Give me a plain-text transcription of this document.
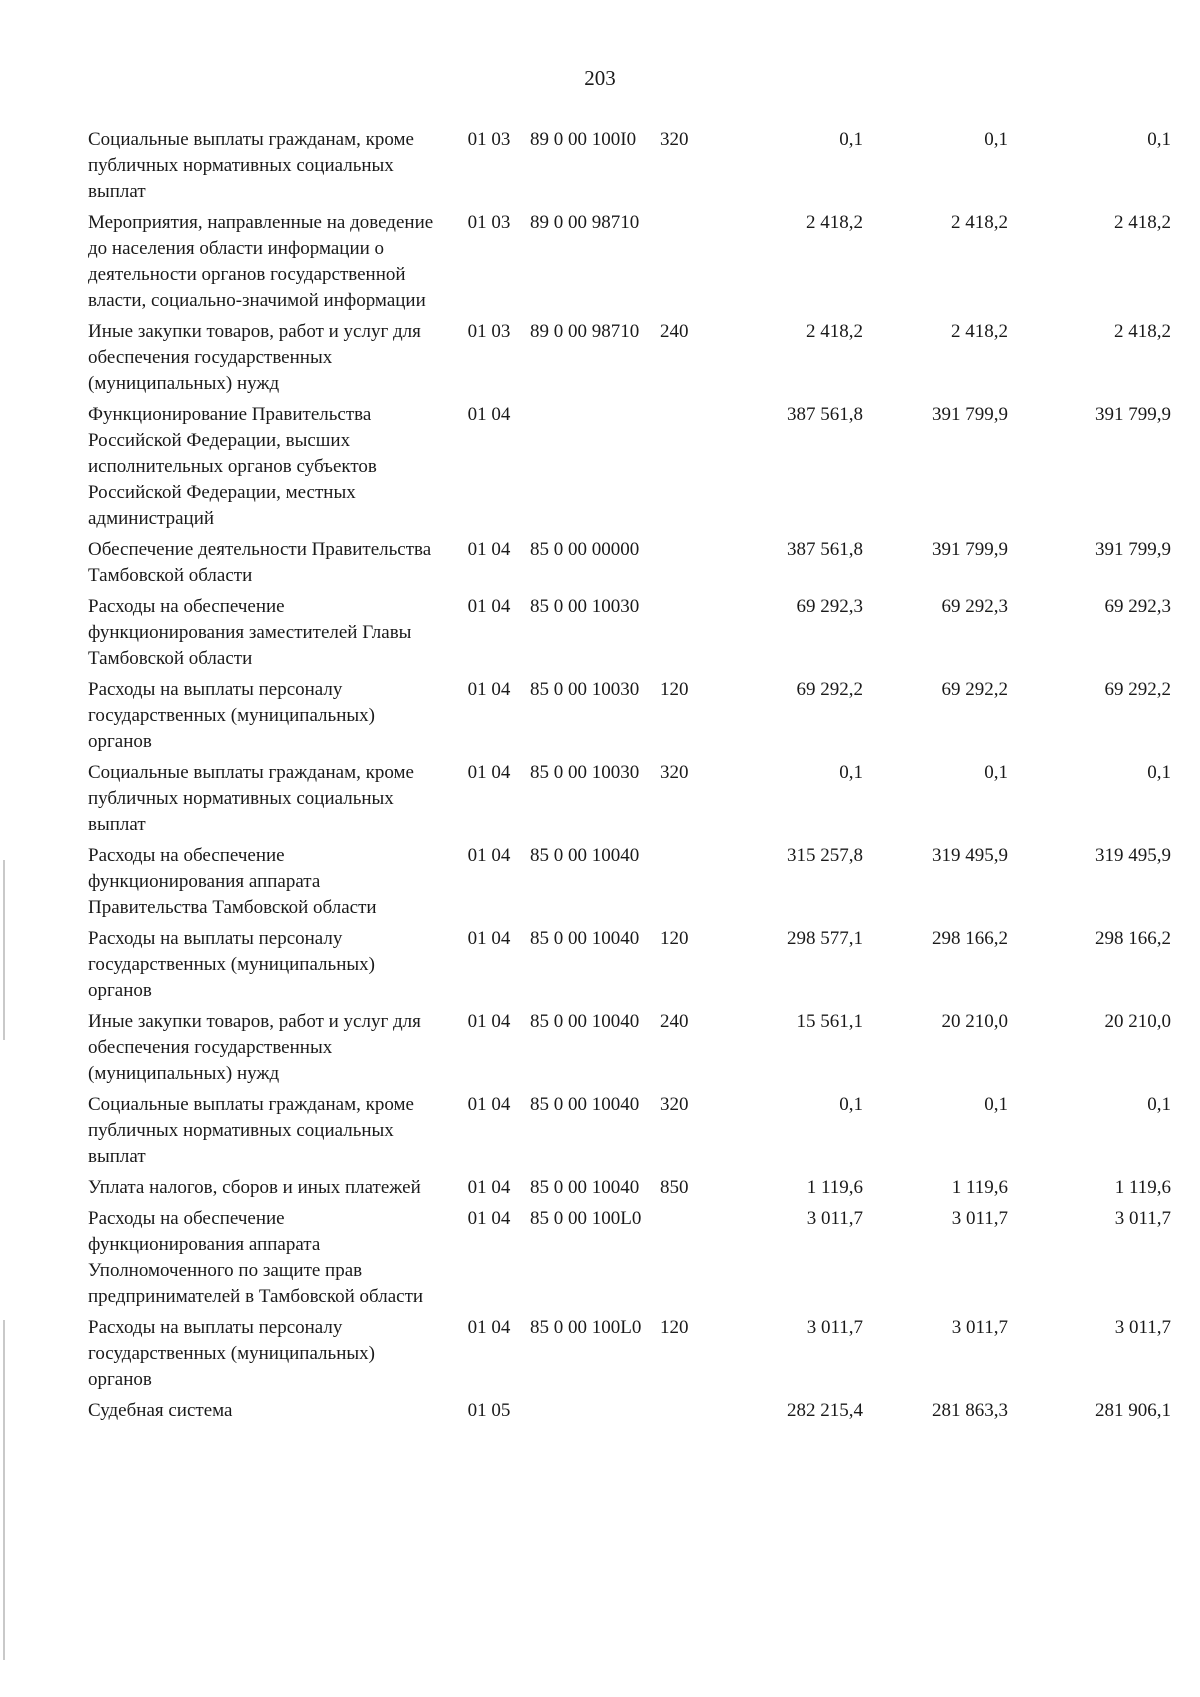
203
Социальные выплаты гражданам, кроме публичных нормативных социальных выплат	01 03	89 0 00 100I0	320	0,1	0,1	0,1
Мероприятия, направленные на доведение до населения области информации о деятельности органов государственной власти, социально-значимой информации	01 03	89 0 00 98710		2 418,2	2 418,2	2 418,2
Иные закупки товаров, работ и услуг для обеспечения государственных (муниципальных) нужд	01 03	89 0 00 98710	240	2 418,2	2 418,2	2 418,2
Функционирование Правительства Российской Федерации, высших исполнительных органов субъектов Российской Федерации, местных администраций	01 04			387 561,8	391 799,9	391 799,9
Обеспечение деятельности Правительства Тамбовской области	01 04	85 0 00 00000		387 561,8	391 799,9	391 799,9
Расходы на обеспечение функционирования заместителей Главы Тамбовской области	01 04	85 0 00 10030		69 292,3	69 292,3	69 292,3
Расходы на выплаты персоналу государственных (муниципальных) органов	01 04	85 0 00 10030	120	69 292,2	69 292,2	69 292,2
Социальные выплаты гражданам, кроме публичных нормативных социальных выплат	01 04	85 0 00 10030	320	0,1	0,1	0,1
Расходы на обеспечение функционирования аппарата Правительства Тамбовской области	01 04	85 0 00 10040		315 257,8	319 495,9	319 495,9
Расходы на выплаты персоналу государственных (муниципальных) органов	01 04	85 0 00 10040	120	298 577,1	298 166,2	298 166,2
Иные закупки товаров, работ и услуг для обеспечения государственных (муниципальных) нужд	01 04	85 0 00 10040	240	15 561,1	20 210,0	20 210,0
Социальные выплаты гражданам, кроме публичных нормативных социальных выплат	01 04	85 0 00 10040	320	0,1	0,1	0,1
Уплата налогов, сборов и иных платежей	01 04	85 0 00 10040	850	1 119,6	1 119,6	1 119,6
Расходы на обеспечение функционирования аппарата Уполномоченного по защите прав предпринимателей в Тамбовской области	01 04	85 0 00 100L0		3 011,7	3 011,7	3 011,7
Расходы на выплаты персоналу государственных (муниципальных) органов	01 04	85 0 00 100L0	120	3 011,7	3 011,7	3 011,7
Судебная система	01 05			282 215,4	281 863,3	281 906,1
